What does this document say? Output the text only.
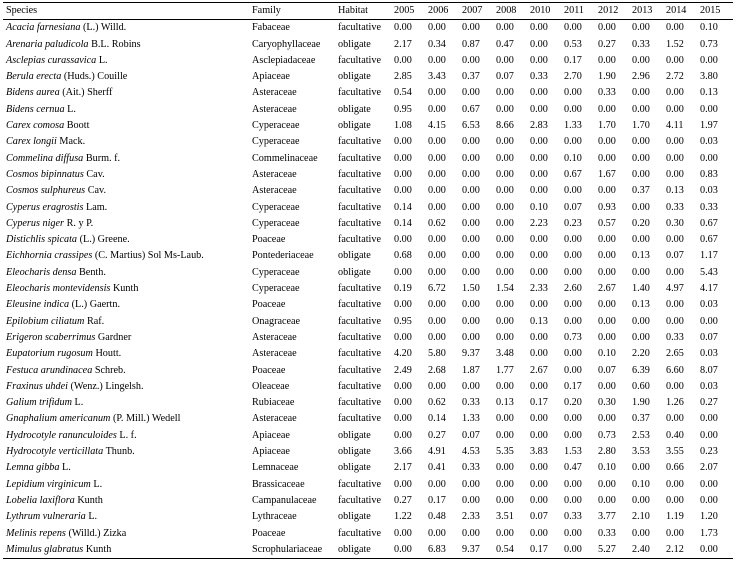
Species	Family	Habitat	2005	2006	2007	2008	2010	2011	2012	2013	2014	2015
Acacia farnesiana (L.) Willd.	Fabaceae	facultative	0.00	0.00	0.00	0.00	0.00	0.00	0.00	0.00	0.00	0.10
Arenaria paludicola B.L. Robins	Caryophyllaceae	obligate	2.17	0.34	0.87	0.47	0.00	0.53	0.27	0.33	1.52	0.73
Asclepias curassavica L.	Asclepiadaceae	facultative	0.00	0.00	0.00	0.00	0.00	0.17	0.00	0.00	0.00	0.00
Berula erecta (Huds.) Couille	Apiaceae	obligate	2.85	3.43	0.37	0.07	0.33	2.70	1.90	2.96	2.72	3.80
Bidens aurea (Ait.) Sherff	Asteraceae	facultative	0.54	0.00	0.00	0.00	0.00	0.00	0.33	0.00	0.00	0.13
Bidens cernua L.	Asteraceae	obligate	0.95	0.00	0.67	0.00	0.00	0.00	0.00	0.00	0.00	0.00
Carex comosa Boott	Cyperaceae	obligate	1.08	4.15	6.53	8.66	2.83	1.33	1.70	1.70	4.11	1.97
Carex longii Mack.	Cyperaceae	facultative	0.00	0.00	0.00	0.00	0.00	0.00	0.00	0.00	0.00	0.03
Commelina diffusa Burm. f.	Commelinaceae	facultative	0.00	0.00	0.00	0.00	0.00	0.10	0.00	0.00	0.00	0.00
Cosmos bipinnatus Cav.	Asteraceae	facultative	0.00	0.00	0.00	0.00	0.00	0.67	1.67	0.00	0.00	0.83
Cosmos sulphureus Cav.	Asteraceae	facultative	0.00	0.00	0.00	0.00	0.00	0.00	0.00	0.37	0.13	0.03
Cyperus eragrostis Lam.	Cyperaceae	facultative	0.14	0.00	0.00	0.00	0.10	0.07	0.93	0.00	0.33	0.33
Cyperus niger R. y P.	Cyperaceae	facultative	0.14	0.62	0.00	0.00	2.23	0.23	0.57	0.20	0.30	0.67
Distichlis spicata (L.) Greene.	Poaceae	facultative	0.00	0.00	0.00	0.00	0.00	0.00	0.00	0.00	0.00	0.67
Eichhornia crassipes (C. Martius) Sol Ms-Laub.	Pontederiaceae	obligate	0.68	0.00	0.00	0.00	0.00	0.00	0.00	0.13	0.07	1.17
Eleocharis densa Benth.	Cyperaceae	obligate	0.00	0.00	0.00	0.00	0.00	0.00	0.00	0.00	0.00	5.43
Eleocharis montevidensis Kunth	Cyperaceae	facultative	0.19	6.72	1.50	1.54	2.33	2.60	2.67	1.40	4.97	4.17
Eleusine indica (L.) Gaertn.	Poaceae	facultative	0.00	0.00	0.00	0.00	0.00	0.00	0.00	0.13	0.00	0.03
Epilobium ciliatum Raf.	Onagraceae	facultative	0.95	0.00	0.00	0.00	0.13	0.00	0.00	0.00	0.00	0.00
Erigeron scaberrimus Gardner	Asteraceae	facultative	0.00	0.00	0.00	0.00	0.00	0.73	0.00	0.00	0.33	0.07
Eupatorium rugosum Houtt.	Asteraceae	facultative	4.20	5.80	9.37	3.48	0.00	0.00	0.10	2.20	2.65	0.03
Festuca arundinacea Schreb.	Poaceae	facultative	2.49	2.68	1.87	1.77	2.67	0.00	0.07	6.39	6.60	8.07
Fraxinus uhdei (Wenz.) Lingelsh.	Oleaceae	facultative	0.00	0.00	0.00	0.00	0.00	0.17	0.00	0.60	0.00	0.03
Galium trifidum L.	Rubiaceae	facultative	0.00	0.62	0.33	0.13	0.17	0.20	0.30	1.90	1.26	0.27
Gnaphalium americanum (P. Mill.) Wedell	Asteraceae	facultative	0.00	0.14	1.33	0.00	0.00	0.00	0.00	0.37	0.00	0.00
Hydrocotyle ranunculoides L. f.	Apiaceae	obligate	0.00	0.27	0.07	0.00	0.00	0.00	0.73	2.53	0.40	0.00
Hydrocotyle verticillata Thunb.	Apiaceae	obligate	3.66	4.91	4.53	5.35	3.83	1.53	2.80	3.53	3.55	0.23
Lemna gibba L.	Lemnaceae	obligate	2.17	0.41	0.33	0.00	0.00	0.47	0.10	0.00	0.66	2.07
Lepidium virginicum L.	Brassicaceae	facultative	0.00	0.00	0.00	0.00	0.00	0.00	0.00	0.10	0.00	0.00
Lobelia laxiflora Kunth	Campanulaceae	facultative	0.27	0.17	0.00	0.00	0.00	0.00	0.00	0.00	0.00	0.00
Lythrum vulneraria L.	Lythraceae	obligate	1.22	0.48	2.33	3.51	0.07	0.33	3.77	2.10	1.19	1.20
Melinis repens (Willd.) Zizka	Poaceae	facultative	0.00	0.00	0.00	0.00	0.00	0.00	0.33	0.00	0.00	1.73
Mimulus glabratus Kunth	Scrophulariaceae	obligate	0.00	6.83	9.37	0.54	0.17	0.00	5.27	2.40	2.12	0.00
